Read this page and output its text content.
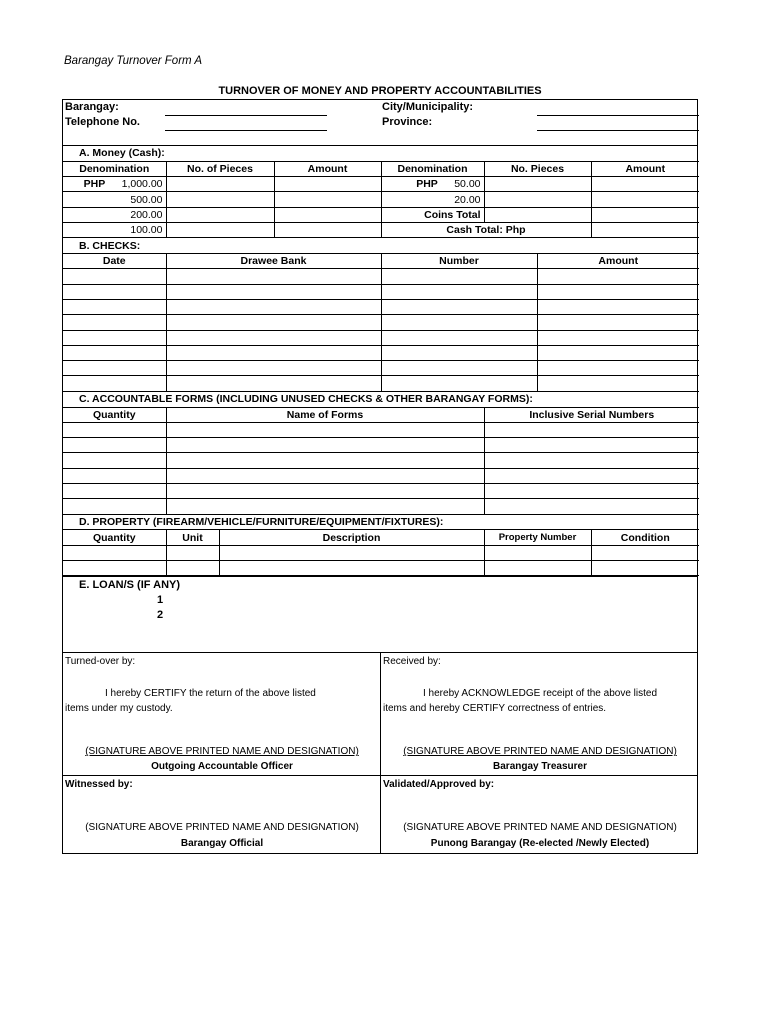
Barangay Turnover Form A
TURNOVER OF MONEY AND PROPERTY ACCOUNTABILITIES
Barangay:
Telephone No.
City/Municipality:
Province:
A. Money (Cash):					
Denomination	No. of Pieces	Amount	Denomination	No. Pieces	Amount
PHP 1,000.00			PHP 50.00		
500.00			20.00		
200.00			Coins Total		
100.00			Cash Total: Php		
B. CHECKS:			
Date	Drawee Bank	Number	Amount

C. ACCOUNTABLE FORMS (INCLUDING UNUSED CHECKS & OTHER BARANGAY FORMS):		
Quantity	Name of Forms	Inclusive Serial Numbers

D. PROPERTY (FIREARM/VEHICLE/FURNITURE/EQUIPMENT/FIXTURES):				
Quantity	Unit	Description	Property Number	Condition

E. LOAN/S (IF ANY)
1
2
Turned-over by:
I hereby CERTIFY the return of the above listed
items under my custody.
(SIGNATURE ABOVE PRINTED NAME AND DESIGNATION)
Outgoing Accountable Officer
Received by:
I hereby ACKNOWLEDGE receipt of the above listed
items and hereby CERTIFY correctness of entries.
(SIGNATURE ABOVE PRINTED NAME AND DESIGNATION)
Barangay Treasurer
Witnessed by:
(SIGNATURE ABOVE PRINTED NAME AND DESIGNATION)
Barangay Official
Validated/Approved by:
(SIGNATURE ABOVE PRINTED NAME AND DESIGNATION)
Punong Barangay (Re-elected /Newly Elected)
